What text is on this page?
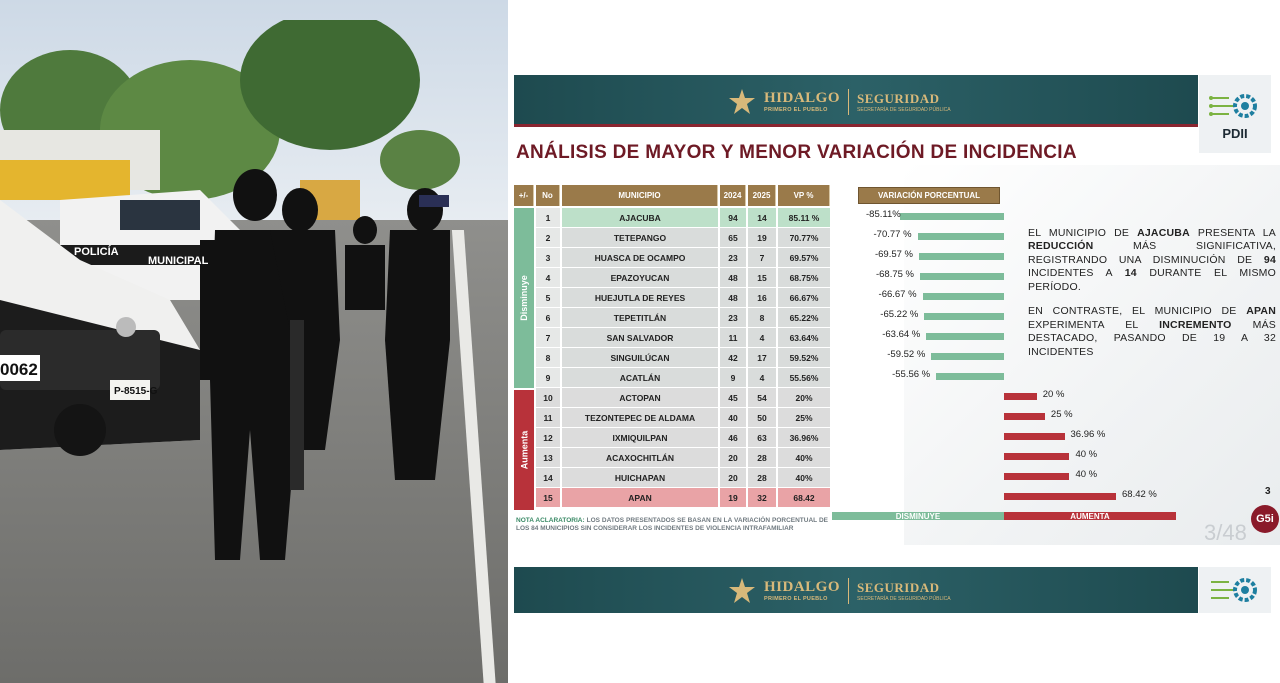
POLICÍA
MUNICIPAL
0062
P-8515-G
HIDALGO
PRIMERO EL PUEBLO
SEGURIDAD
SECRETARÍA DE SEGURIDAD PÚBLICA
PDII
ANÁLISIS DE MAYOR Y MENOR VARIACIÓN DE INCIDENCIA
+/-	No	MUNICIPIO	2024	2025	VP %
Disminuye
Aumenta
1	AJACUBA	94	14	85.11 %
2	TETEPANGO	65	19	70.77%
3	HUASCA DE OCAMPO	23	7	69.57%
4	EPAZOYUCAN	48	15	68.75%
5	HUEJUTLA DE REYES	48	16	66.67%
6	TEPETITLÁN	23	8	65.22%
7	SAN SALVADOR	11	4	63.64%
8	SINGUILÚCAN	42	17	59.52%
9	ACATLÁN	9	4	55.56%
10	ACTOPAN	45	54	20%
11	TEZONTEPEC DE ALDAMA	40	50	25%
12	IXMIQUILPAN	46	63	36.96%
13	ACAXOCHITLÁN	20	28	40%
14	HUICHAPAN	20	28	40%
15	APAN	19	32	68.42
NOTA ACLARATORIA: LOS DATOS PRESENTADOS SE BASAN EN LA VARIACIÓN PORCENTUAL DE LOS 84 MUNICIPIOS SIN CONSIDERAR LOS INCIDENTES DE VIOLENCIA INTRAFAMILIAR
VARIACIÓN PORCENTUAL
DISMINUYE	AUMENTA
-85.11%
-70.77 %
-69.57 %
-68.75 %
-66.67 %
-65.22 %
-63.64 %
-59.52 %
-55.56 %
20 %
25 %
36.96 %
40 %
40 %
68.42 %

EL MUNICIPIO DE AJACUBA PRESENTA LA REDUCCIÓN MÁS SIGNIFICATIVA, REGISTRANDO UNA DISMINUCIÓN DE 94 INCIDENTES A 14 DURANTE EL MISMO PERÍODO.

EN CONTRASTE, EL MUNICIPIO DE APAN EXPERIMENTA EL INCREMENTO MÁS DESTACADO, PASANDO DE 19 A 32 INCIDENTES

3
G5i
3/48
HIDALGO
PRIMERO EL PUEBLO
SEGURIDAD
SECRETARÍA DE SEGURIDAD PÚBLICA
